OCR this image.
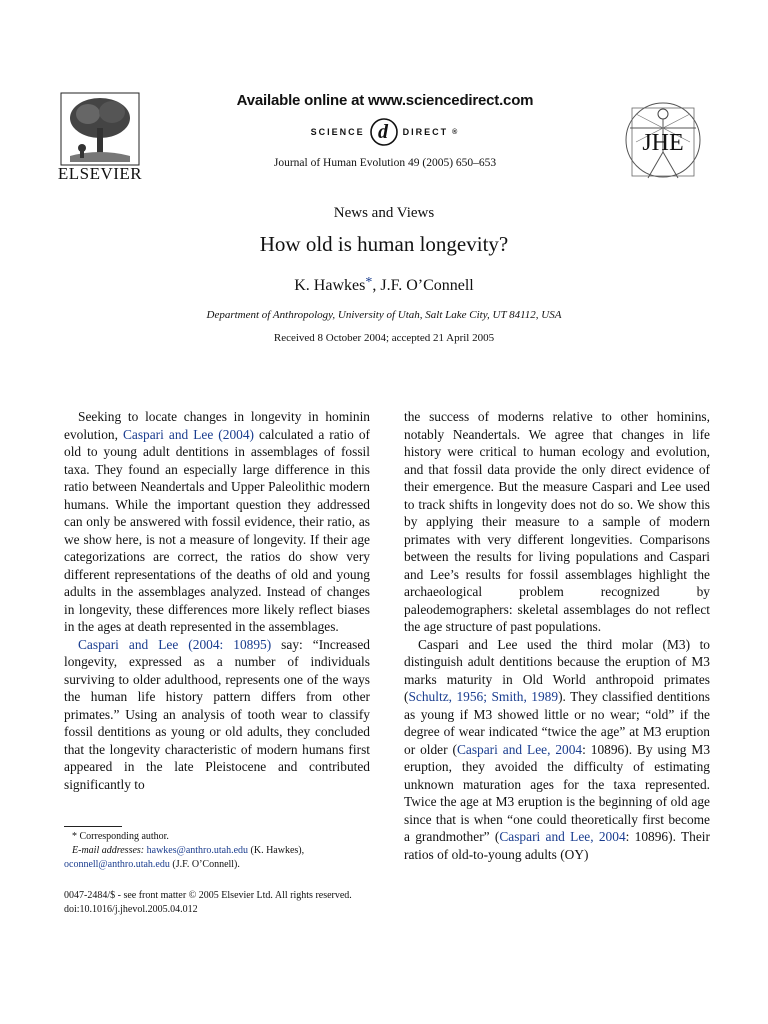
ELSEVIER
Available online at www.sciencedirect.com
SCIENCE d DIRECT ®
Journal of Human Evolution 49 (2005) 650–653
JHE
News and Views
How old is human longevity?
K. Hawkes*, J.F. O’Connell
Department of Anthropology, University of Utah, Salt Lake City, UT 84112, USA
Received 8 October 2004; accepted 21 April 2005

Seeking to locate changes in longevity in hominin evolution, Caspari and Lee (2004) calculated a ratio of old to young adult dentitions in assemblages of fossil taxa. They found an especially large difference in this ratio between Neandertals and Upper Paleolithic modern humans. While the important question they addressed can only be answered with fossil evidence, their ratio, as we show here, is not a measure of longevity. If their age categorizations are correct, the ratios do show very different representations of the deaths of old and young adults in the assemblages analyzed. Instead of changes in longevity, these differences more likely reflect biases in the ages at death represented in the assemblages.

Caspari and Lee (2004: 10895) say: “Increased longevity, expressed as a number of individuals surviving to older adulthood, represents one of the ways the human life history pattern differs from other primates.” Using an analysis of tooth wear to classify fossil dentitions as young or old adults, they concluded that the longevity characteristic of modern humans first appeared in the late Pleistocene and contributed significantly to

the success of moderns relative to other hominins, notably Neandertals. We agree that changes in life history were critical to human ecology and evolution, and that fossil data provide the only direct evidence of their emergence. But the measure Caspari and Lee used to track shifts in longevity does not do so. We show this by applying their measure to a sample of modern primates with very different longevities. Comparisons between the results for living populations and Caspari and Lee’s results for fossil assemblages highlight the archaeological problem recognized by paleodemographers: skeletal assemblages do not reflect the age structure of past populations.

Caspari and Lee used the third molar (M3) to distinguish adult dentitions because the eruption of M3 marks maturity in Old World anthropoid primates (Schultz, 1956; Smith, 1989). They classified dentitions as young if M3 showed little or no wear; “old” if the degree of wear indicated “twice the age” at M3 eruption or older (Caspari and Lee, 2004: 10896). By using M3 eruption, they avoided the difficulty of estimating unknown maturation ages for the taxa represented. Twice the age at M3 eruption is the beginning of old age since that is when “one could theoretically first become a grandmother” (Caspari and Lee, 2004: 10896). Their ratios of old-to-young adults (OY)

* Corresponding author.
E-mail addresses: hawkes@anthro.utah.edu (K. Hawkes),
oconnell@anthro.utah.edu (J.F. O’Connell).
0047-2484/$ - see front matter © 2005 Elsevier Ltd. All rights reserved.
doi:10.1016/j.jhevol.2005.04.012
